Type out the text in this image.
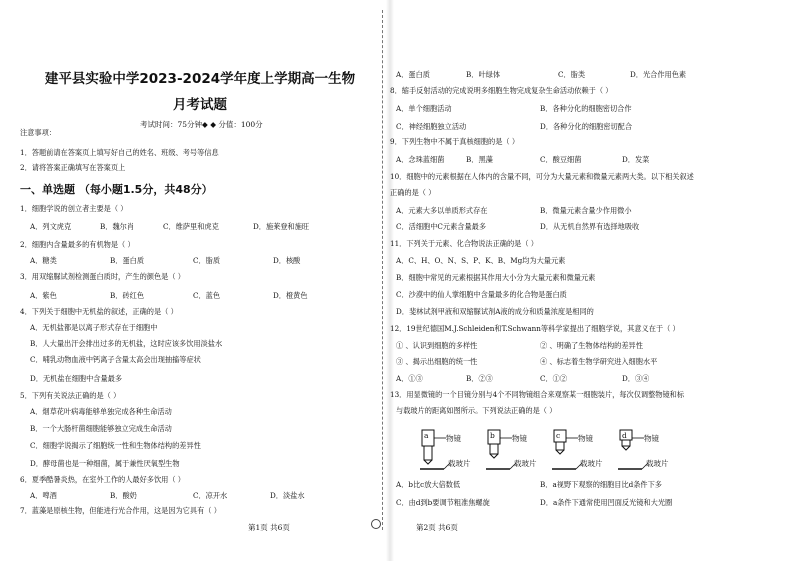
建平县实验中学2023-2024学年度上学期高一生物
月考试题
考试时间：75分钟◆ ◆ 分值：100分
注意事项：
1．答题前请在答案页上填写好自己的姓名、班级、考号等信息
2．请将答案正确填写在答案页上
一、单选题 （每小题1.5分，共48分）
1．细胞学说的创立者主要是（ ）
A．列文虎克	B．魏尔肖	C．维萨里和虎克	D．施莱登和施旺
2．细胞内含量最多的有机物是（ ）
A．糖类	B．蛋白质	C．脂质	D．核酸
3．用双缩脲试剂检测蛋白质时，产生的颜色是（ ）
A．紫色	B．砖红色	C．蓝色	D．橙黄色
4．下列关于细胞中无机盐的叙述，正确的是（ ）
A．无机盐都是以离子形式存在于细胞中
B．人大量出汗会排出过多的无机盐，这时应该多饮用淡盐水
C．哺乳动物血液中钙离子含量太高会出现抽搐等症状
D．无机盐在细胞中含量最多
5．下列有关说法正确的是（ ）
A．烟草花叶病毒能够单独完成各种生命活动
B．一个大肠杆菌细胞能够独立完成生命活动
C．细胞学说揭示了细胞统一性和生物体结构的差异性
D．酵母菌也是一种细菌，属于兼性厌氧型生物
6．夏季酷暑炎热，在室外工作的人最好多饮用（ ）
A．啤酒	B．酸奶	C．凉开水	D．淡盐水
7．蓝藻是原核生物，但能进行光合作用，这是因为它具有（ ）
第1页 共6页
A．蛋白质	B．叶绿体	C．脂类	D．光合作用色素
8．缩手反射活动的完成说明多细胞生物完成复杂生命活动依赖于（ ）
A．单个细胞活动	B．各种分化的细胞密切合作
C．神经细胞独立活动	D．各种分化的细胞密切配合
9．下列生物中不属于真核细胞的是（ ）
A．念珠蓝细菌	B．黑藻	C．酸豆细菌	D．发菜
10．细胞中的元素根据在人体内的含量不同，可分为大量元素和微量元素两大类。以下相关叙述
正确的是（ ）
A．元素大多以单质形式存在	B．微量元素含量少作用微小
C．活细胞中C元素含量最多	D．从无机自然界有选择地吸收
11．下列关于元素、化合物说法正确的是（ ）
A．C、H、O、N、S、P、K、B、Mg均为大量元素
B．细胞中常见的元素根据其作用大小分为大量元素和微量元素
C．沙漠中的仙人掌细胞中含量最多的化合物是蛋白质
D．斐林试剂甲液和双缩脲试剂A液的成分和质量浓度是相同的
12．19世纪德国M.J.Schleiden和T.Schwann等科学家提出了细胞学说，其意义在于（ ）
① 、认识到细胞的多样性	② 、明确了生物体结构的差异性
③ 、揭示出细胞的统一性	④ 、标志着生物学研究进入细胞水平
A．①③	B．②③	C．①②	D．③④
13．用显微镜的一个目镜分别与4个不同物镜组合来观察某一细胞装片，每次仅调整物镜和标
与载玻片的距离如图所示。下列说法正确的是（ ）
a 物镜
载玻片
b 物镜
载玻片
c 物镜
载玻片
d 物镜
载玻片
A．b比c放大倍数低	B．a视野下观察的细胞目比d条件下多
C．由d到b要调节粗准焦螺旋	D．a条件下通常使用凹面反光镜和大光圈
第2页 共6页
